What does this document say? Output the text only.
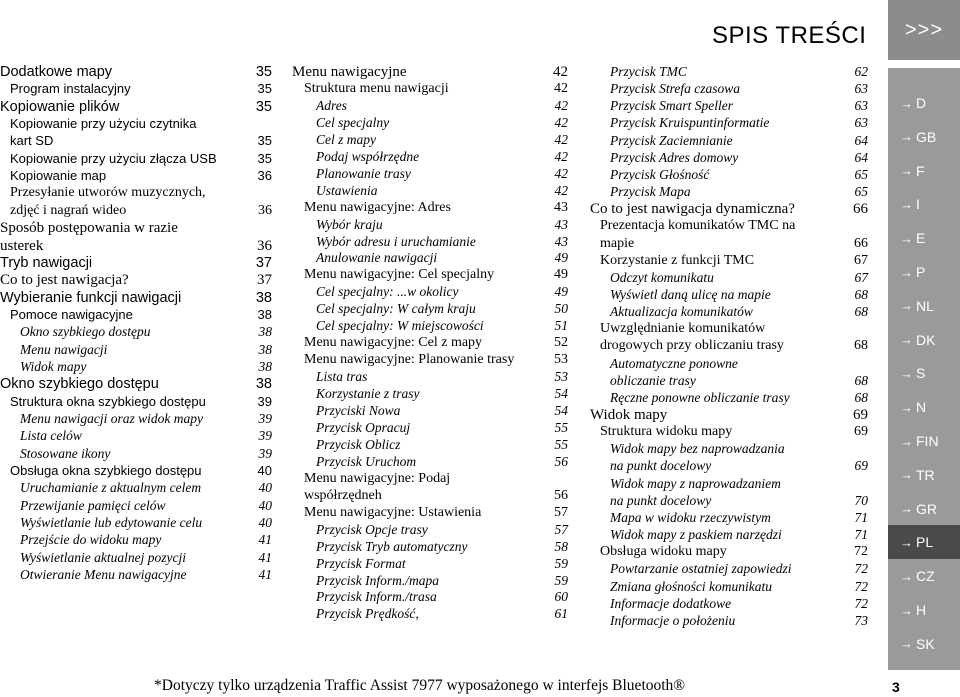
SPIS TREŚCI	>>>
→ D
→ GB
→ F
→ I
→ E
→ P
→ NL
→ DK
→ S
→ N
→ FIN
→ TR
→ GR
→ PL
→ CZ
→ H
→ SK
Dodatkowe mapy	35
Program instalacyjny	35
Kopiowanie plików	35
Kopiowanie przy użyciu czytnika
kart SD	35
Kopiowanie przy użyciu złącza USB	35
Kopiowanie map	36
Przesyłanie utworów muzycznych,
zdjęć i nagrań wideo	36
Sposób postępowania w razie
usterek	36
Tryb nawigacji	37
Co to jest nawigacja?	37
Wybieranie funkcji nawigacji	38
Pomoce nawigacyjne	38
Okno szybkiego dostępu	38
Menu nawigacji	38
Widok mapy	38
Okno szybkiego dostępu	38
Struktura okna szybkiego dostępu	39
Menu nawigacji oraz widok mapy	39
Lista celów	39
Stosowane ikony	39
Obsługa okna szybkiego dostępu	40
Uruchamianie z aktualnym celem	40
Przewijanie pamięci celów	40
Wyświetlanie lub edytowanie celu	40
Przejście do widoku mapy	41
Wyświetlanie aktualnej pozycji	41
Otwieranie Menu nawigacyjne	41
Menu nawigacyjne	42
Struktura menu nawigacji	42
Adres	42
Cel specjalny	42
Cel z mapy	42
Podaj współrzędne	42
Planowanie trasy	42
Ustawienia	42
Menu nawigacyjne: Adres	43
Wybór kraju	43
Wybór adresu i uruchamianie	43
Anulowanie nawigacji	49
Menu nawigacyjne: Cel specjalny	49
Cel specjalny: ...w okolicy	49
Cel specjalny: W całym kraju	50
Cel specjalny: W miejscowości	51
Menu nawigacyjne: Cel z mapy	52
Menu nawigacyjne: Planowanie trasy	53
Lista tras	53
Korzystanie z trasy	54
Przyciski Nowa	54
Przycisk Opracuj	55
Przycisk Oblicz	55
Przycisk Uruchom	56
Menu nawigacyjne: Podaj
współrzędneh	56
Menu nawigacyjne: Ustawienia	57
Przycisk Opcje trasy	57
Przycisk Tryb automatyczny	58
Przycisk Format	59
Przycisk Inform./mapa	59
Przycisk Inform./trasa	60
Przycisk Prędkość,	61
Przycisk TMC	62
Przycisk Strefa czasowa	63
Przycisk Smart Speller	63
Przycisk Kruispuntinformatie	63
Przycisk Zaciemnianie	64
Przycisk Adres domowy	64
Przycisk Głośność	65
Przycisk Mapa	65
Co to jest nawigacja dynamiczna?	66
Prezentacja komunikatów TMC na
mapie	66
Korzystanie z funkcji TMC	67
Odczyt komunikatu	67
Wyświetl daną ulicę na mapie	68
Aktualizacja komunikatów	68
Uwzględnianie komunikatów
drogowych przy obliczaniu trasy	68
Automatyczne ponowne
obliczanie trasy	68
Ręczne ponowne obliczanie trasy	68
Widok mapy	69
Struktura widoku mapy	69
Widok mapy bez naprowadzania
na punkt docelowy	69
Widok mapy z naprowadzaniem
na punkt docelowy	70
Mapa w widoku rzeczywistym	71
Widok mapy z paskiem narzędzi	71
Obsługa widoku mapy	72
Powtarzanie ostatniej zapowiedzi	72
Zmiana głośności komunikatu	72
Informacje dodatkowe	72
Informacje o położeniu	73
*Dotyczy tylko urządzenia Traffic Assist 7977 wyposażonego w interfejs Bluetooth®	3
